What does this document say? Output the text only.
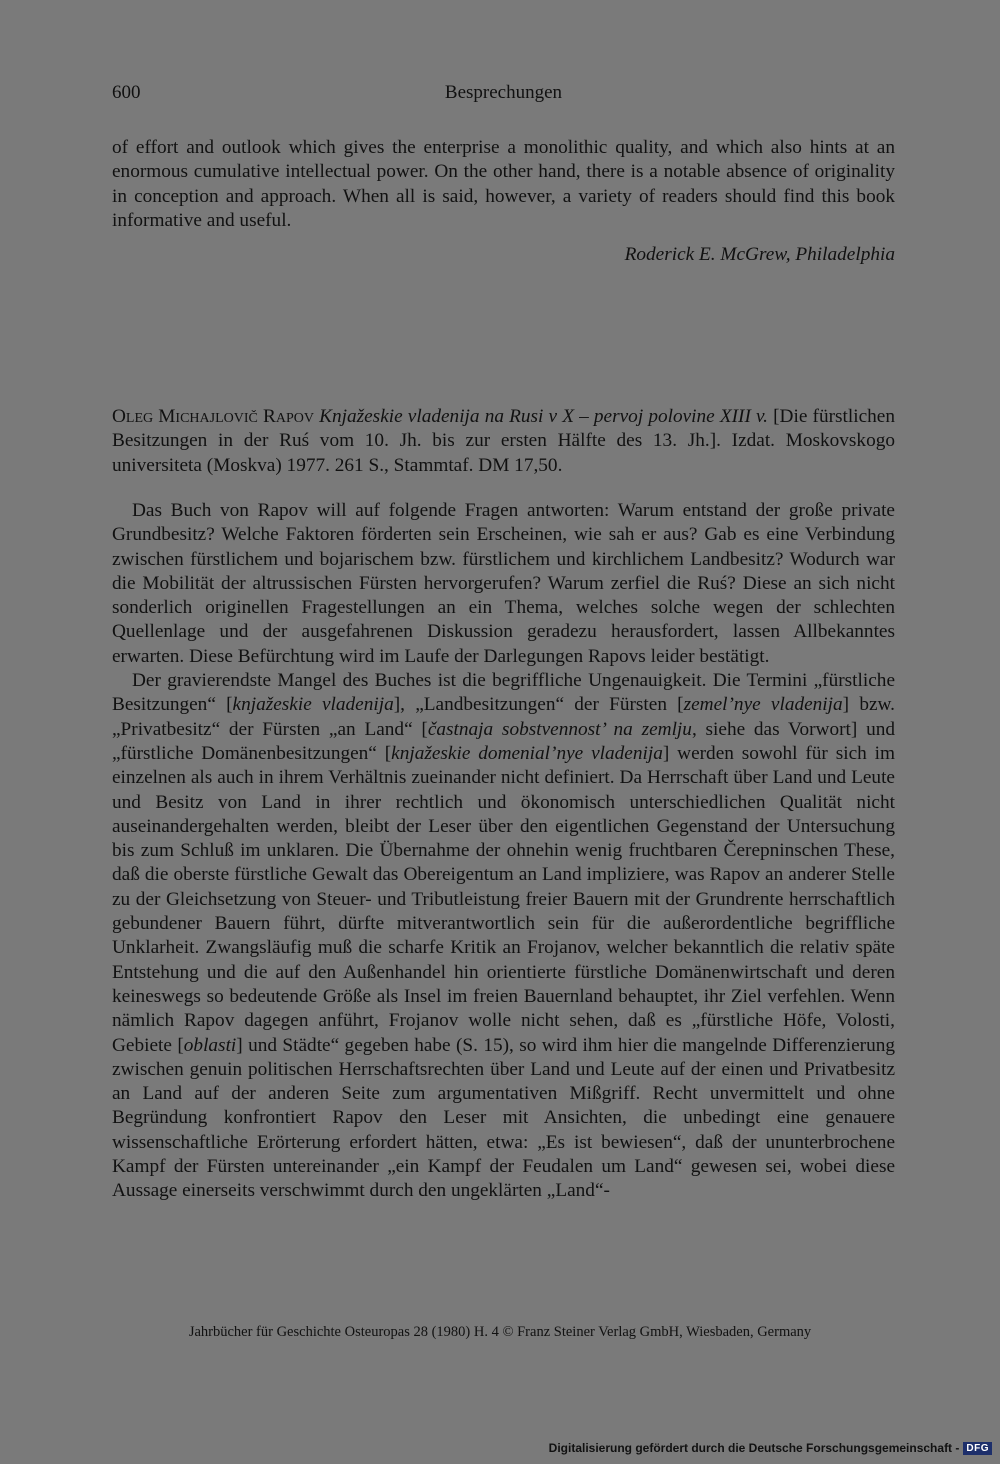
600	Besprechungen

of effort and outlook which gives the enterprise a monolithic quality, and which also hints at an enormous cumulative intellectual power. On the other hand, there is a notable absence of originality in conception and approach. When all is said, however, a variety of readers should find this book informative and useful.

Roderick E. McGrew, Philadelphia
Oleg Michajlovič Rapov Knjažeskie vladenija na Rusi v X – pervoj polovine XIII v. [Die fürstlichen Besitzungen in der Ruś vom 10. Jh. bis zur ersten Hälfte des 13. Jh.]. Izdat. Moskovskogo universiteta (Moskva) 1977. 261 S., Stammtaf. DM 17,50.

Das Buch von Rapov will auf folgende Fragen antworten: Warum entstand der große private Grundbesitz? Welche Faktoren förderten sein Erscheinen, wie sah er aus? Gab es eine Verbindung zwischen fürstlichem und bojarischem bzw. fürstlichem und kirchlichem Landbesitz? Wodurch war die Mobilität der altrussischen Fürsten hervorgerufen? Warum zerfiel die Ruś? Diese an sich nicht sonderlich originellen Fragestellungen an ein Thema, welches solche wegen der schlechten Quellenlage und der ausgefahrenen Diskussion geradezu herausfordert, lassen Allbekanntes erwarten. Diese Befürchtung wird im Laufe der Darlegungen Rapovs leider bestätigt.

Der gravierendste Mangel des Buches ist die begriffliche Ungenauigkeit. Die Termini „fürstliche Besitzungen“ [knjažeskie vladenija], „Landbesitzungen“ der Fürsten [zemel’nye vladenija] bzw. „Privatbesitz“ der Fürsten „an Land“ [častnaja sobstvennost’ na zemlju, siehe das Vorwort] und „fürstliche Domänenbesitzungen“ [knjažeskie domenial’nye vladenija] werden sowohl für sich im einzelnen als auch in ihrem Verhältnis zueinander nicht definiert. Da Herrschaft über Land und Leute und Besitz von Land in ihrer rechtlich und ökonomisch unterschiedlichen Qualität nicht auseinandergehalten werden, bleibt der Leser über den eigentlichen Gegenstand der Untersuchung bis zum Schluß im unklaren. Die Übernahme der ohnehin wenig fruchtbaren Čerepninschen These, daß die oberste fürstliche Gewalt das Obereigentum an Land impliziere, was Rapov an anderer Stelle zu der Gleichsetzung von Steuer- und Tributleistung freier Bauern mit der Grundrente herrschaftlich gebundener Bauern führt, dürfte mitverantwortlich sein für die außerordentliche begriffliche Unklarheit. Zwangsläufig muß die scharfe Kritik an Frojanov, welcher bekanntlich die relativ späte Entstehung und die auf den Außenhandel hin orientierte fürstliche Domänenwirtschaft und deren keineswegs so bedeutende Größe als Insel im freien Bauernland behauptet, ihr Ziel verfehlen. Wenn nämlich Rapov dagegen anführt, Frojanov wolle nicht sehen, daß es „fürstliche Höfe, Volosti, Gebiete [oblasti] und Städte“ gegeben habe (S. 15), so wird ihm hier die mangelnde Differenzierung zwischen genuin politischen Herrschaftsrechten über Land und Leute auf der einen und Privatbesitz an Land auf der anderen Seite zum argumentativen Mißgriff. Recht unvermittelt und ohne Begründung konfrontiert Rapov den Leser mit Ansichten, die unbedingt eine genauere wissenschaftliche Erörterung erfordert hätten, etwa: „Es ist bewiesen“, daß der ununterbrochene Kampf der Fürsten untereinander „ein Kampf der Feudalen um Land“ gewesen sei, wobei diese Aussage einerseits verschwimmt durch den ungeklärten „Land“-

Jahrbücher für Geschichte Osteuropas 28 (1980) H. 4 © Franz Steiner Verlag GmbH, Wiesbaden, Germany
Digitalisierung gefördert durch die Deutsche Forschungsgemeinschaft - DFG
